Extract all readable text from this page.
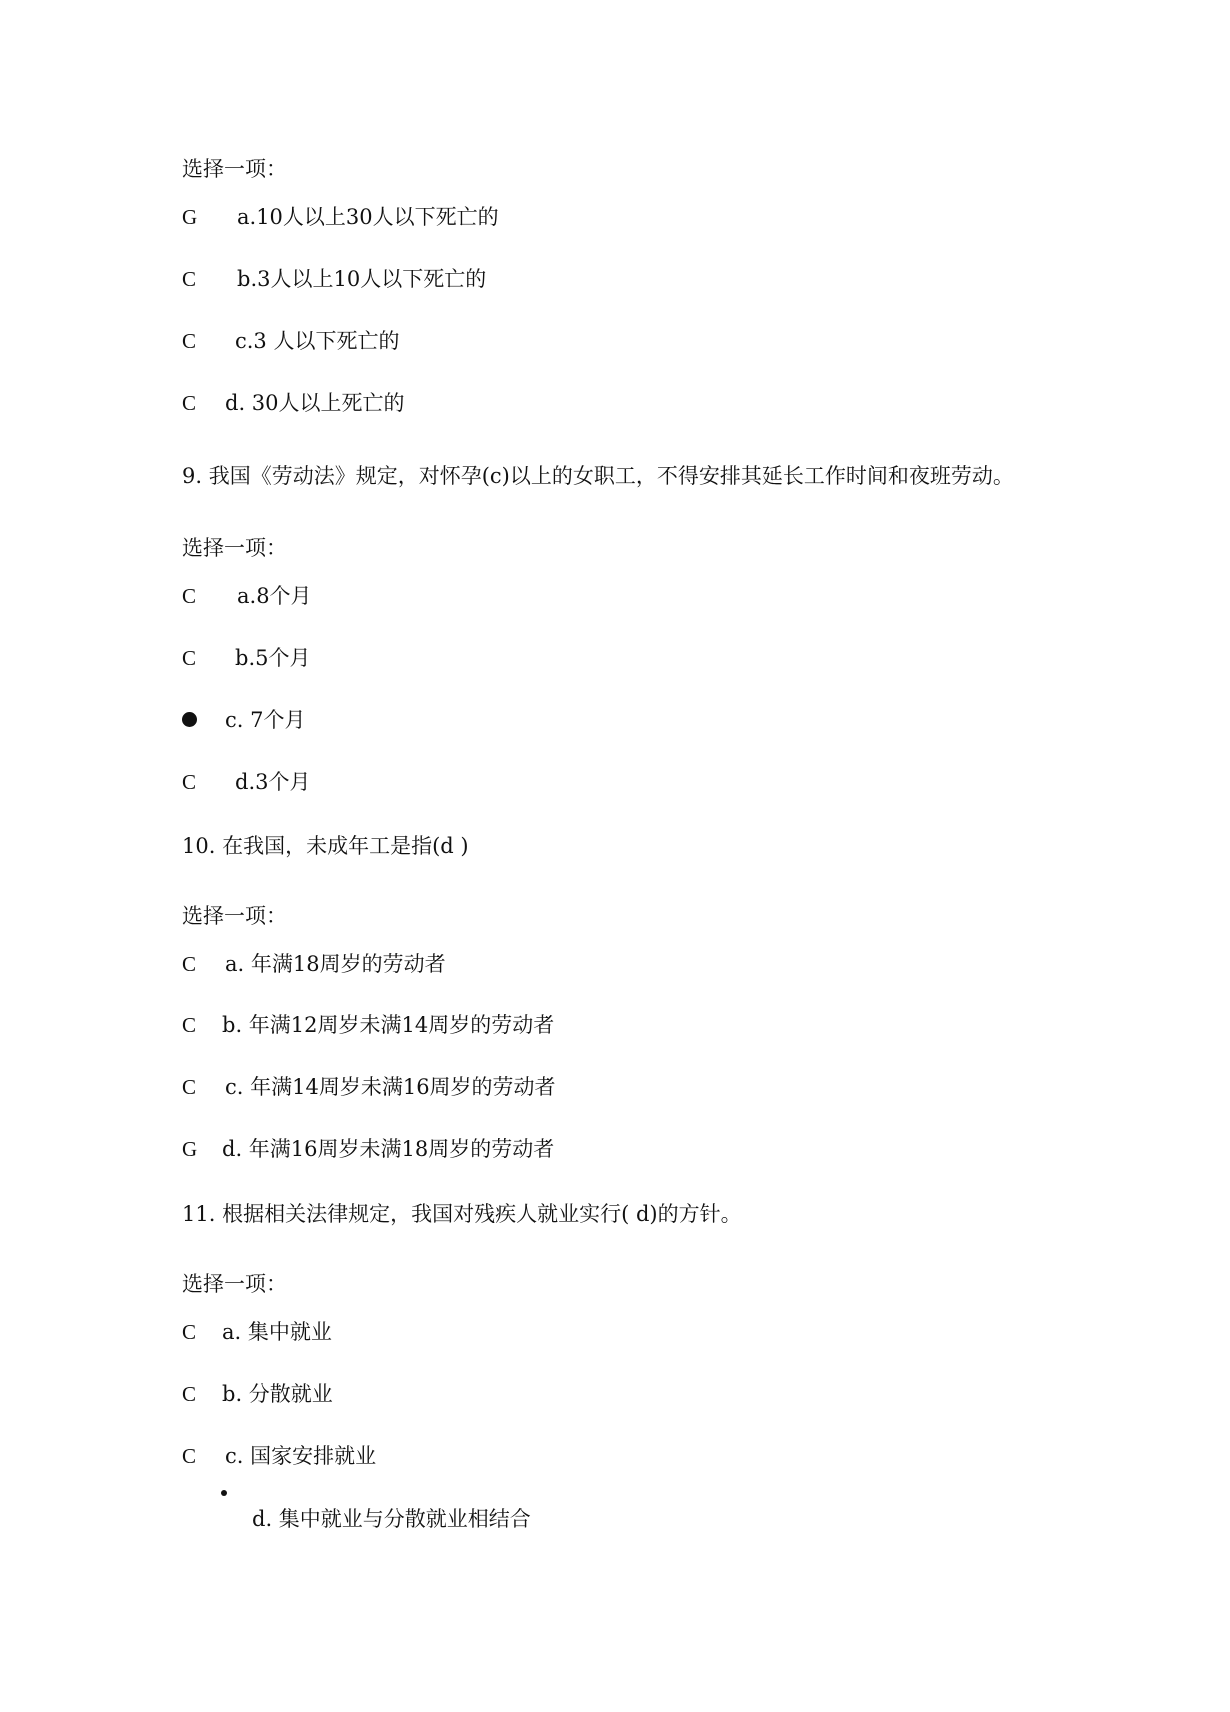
选择一项：
G	a.10人以上30人以下死亡的
C	b.3人以上10人以下死亡的
C	c.3 人以下死亡的
C	d. 30人以上死亡的
9. 我国《劳动法》规定，对怀孕(c)以上的女职工，不得安排其延长工作时间和夜班劳动。
选择一项：
C	a.8个月
C	b.5个月
c. 7个月
C	d.3个月
10. 在我国，未成年工是指(d )
选择一项：
C	a. 年满18周岁的劳动者
C	b. 年满12周岁未满14周岁的劳动者
C	c. 年满14周岁未满16周岁的劳动者
G	d. 年满16周岁未满18周岁的劳动者
11. 根据相关法律规定，我国对残疾人就业实行( d)的方针。
选择一项：
C	a. 集中就业
C	b. 分散就业
C	c. 国家安排就业
d. 集中就业与分散就业相结合
